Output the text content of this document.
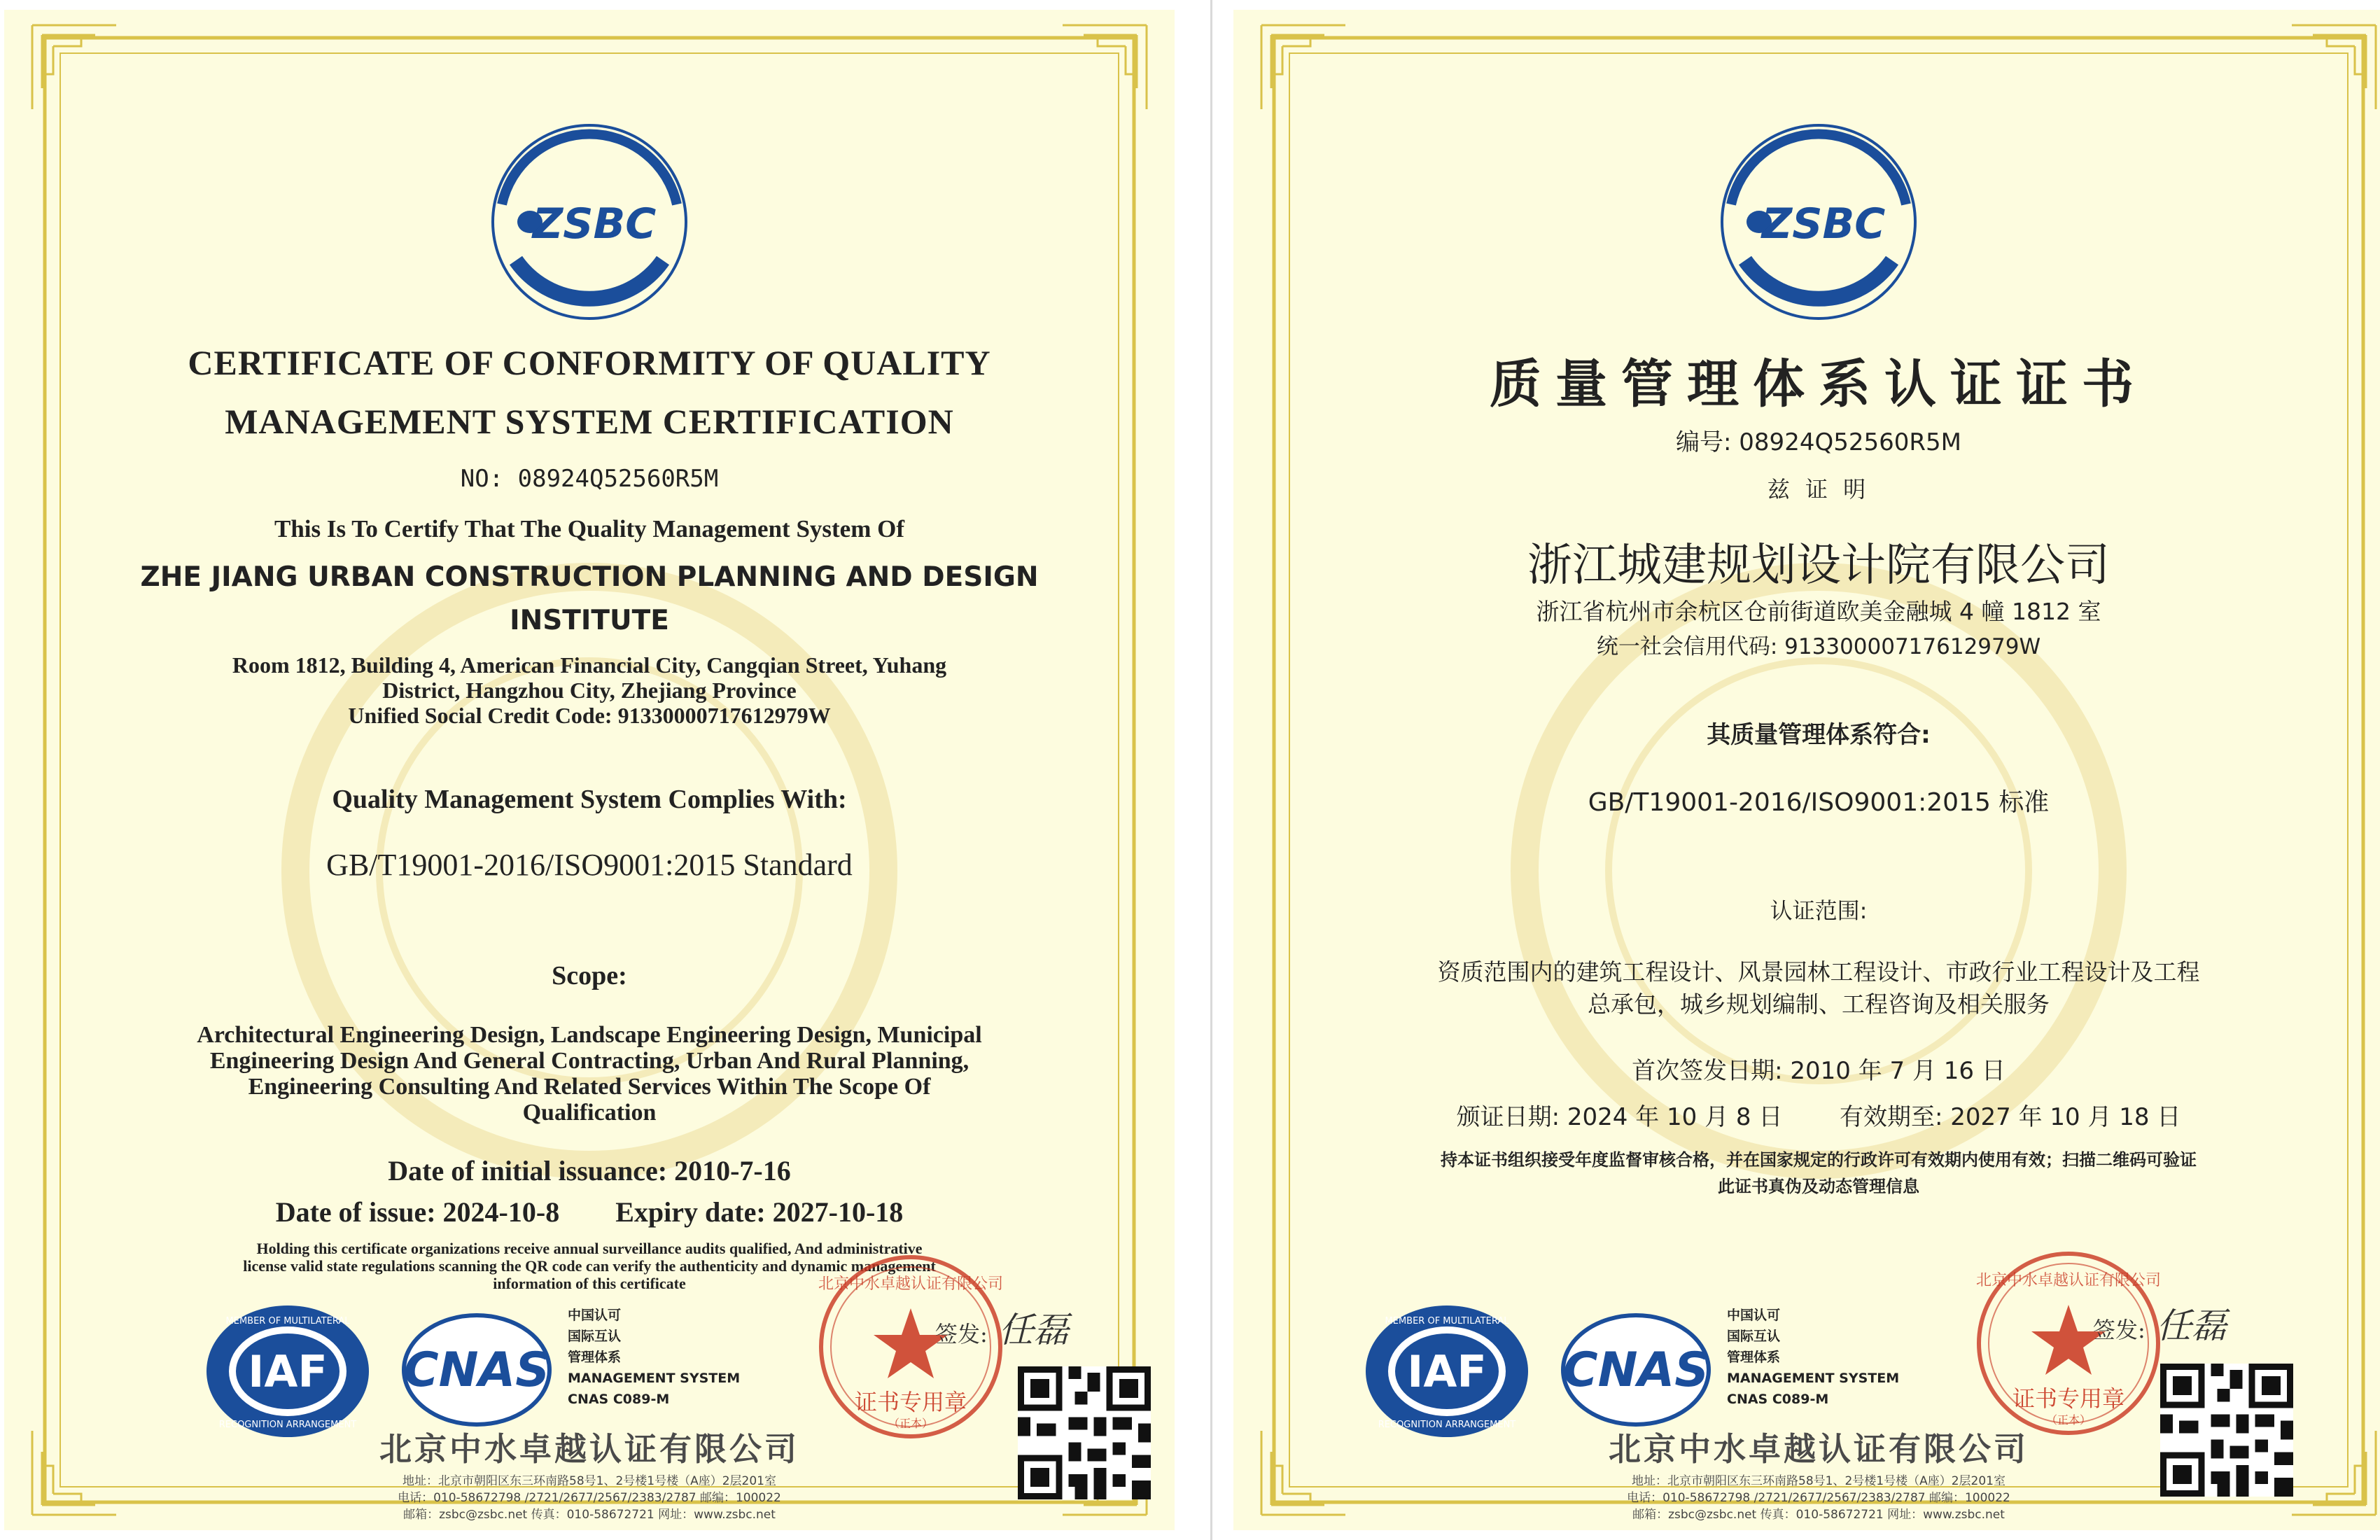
ZSBC
CERTIFICATE OF CONFORMITY OF QUALITY
MANAGEMENT SYSTEM CERTIFICATION
NO: 08924Q52560R5M
This Is To Certify That The Quality Management System Of
ZHE JIANG URBAN CONSTRUCTION PLANNING AND DESIGN
INSTITUTE
Room 1812, Building 4, American Financial City, Cangqian Street, Yuhang
District, Hangzhou City, Zhejiang Province
Unified Social Credit Code: 91330000717612979W
Quality Management System Complies With:
GB/T19001-2016/ISO9001:2015 Standard
Scope:
Architectural Engineering Design, Landscape Engineering Design, Municipal
Engineering Design And General Contracting, Urban And Rural Planning,
Engineering Consulting And Related Services Within The Scope Of
Qualification
Date of initial issuance: 2010-7-16
Date of issue: 2024-10-8 Expiry date: 2027-10-18
Holding this certificate organizations receive annual surveillance audits qualified, And administrative
license valid state regulations scanning the QR code can verify the authenticity and dynamic management
information of this certificate
IAF
MEMBER OF MULTILATERAL
RECOGNITION ARRANGEMENT
CNAS
中国认可
国际互认
管理体系
MANAGEMENT SYSTEM
CNAS C089-M	证书专用章
（正本）
北京中水卓越认证有限公司
签发: 任磊
北京中水卓越认证有限公司
地址：北京市朝阳区东三环南路58号1、2号楼1号楼（A座）2层201室
电话：010-58672798 /2721/2677/2567/2383/2787 邮编：100022
邮箱：zsbc@zsbc.net 传真：010-58672721 网址：www.zsbc.net
ZSBC
质量管理体系认证证书
编号: 08924Q52560R5M
兹 证 明
浙江城建规划设计院有限公司
浙江省杭州市余杭区仓前街道欧美金融城 4 幢 1812 室
统一社会信用代码: 91330000717612979W
其质量管理体系符合:
GB/T19001-2016/ISO9001:2015 标准
认证范围:
资质范围内的建筑工程设计、风景园林工程设计、市政行业工程设计及工程
总承包，城乡规划编制、工程咨询及相关服务
首次签发日期: 2010 年 7 月 16 日
颁证日期: 2024 年 10 月 8 日 有效期至: 2027 年 10 月 18 日
持本证书组织接受年度监督审核合格，并在国家规定的行政许可有效期内使用有效；扫描二维码可验证
此证书真伪及动态管理信息
IAF
MEMBER OF MULTILATERAL
RECOGNITION ARRANGEMENT
CNAS
中国认可
国际互认
管理体系
MANAGEMENT SYSTEM
CNAS C089-M	证书专用章
（正本）
北京中水卓越认证有限公司
签发: 任磊
北京中水卓越认证有限公司
地址：北京市朝阳区东三环南路58号1、2号楼1号楼（A座）2层201室
电话：010-58672798 /2721/2677/2567/2383/2787 邮编：100022
邮箱：zsbc@zsbc.net 传真：010-58672721 网址：www.zsbc.net
